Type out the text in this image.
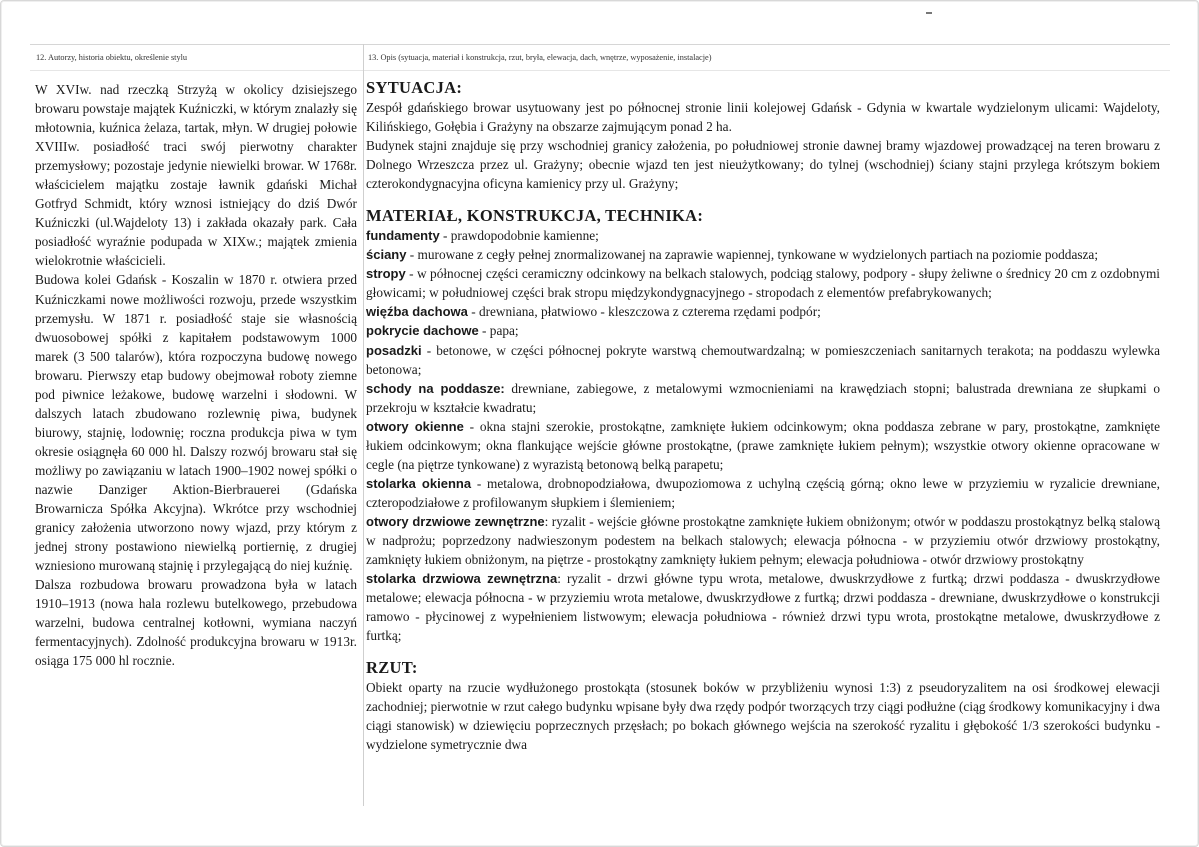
12. Autorzy, historia obiektu, określenie stylu	13. Opis (sytuacja, materiał i konstrukcja, rzut, bryła, elewacja, dach, wnętrze, wyposażenie, instalacje)

W XVIw. nad rzeczką Strzyżą w okolicy dzisiejszego browaru powstaje majątek Kuźniczki, w którym znalazły się młotownia, kuźnica żelaza, tartak, młyn. W drugiej połowie XVIIIw. posiadłość traci swój pierwotny charakter przemysłowy; pozostaje jedynie niewielki browar. W 1768r. właścicielem majątku zostaje ławnik gdański Michał Gotfryd Schmidt, który wznosi istniejący do dziś Dwór Kuźniczki (ul.Wajdeloty 13) i zakłada okazały park. Cała posiadłość wyraźnie podupada w XIXw.; majątek zmienia wielokrotnie właścicieli.

Budowa kolei Gdańsk - Koszalin w 1870 r. otwiera przed Kuźniczkami nowe możliwości rozwoju, przede wszystkim przemysłu. W 1871 r. posiadłość staje sie własnością dwuosobowej spółki z kapitałem podstawowym 1000 marek (3 500 talarów), która rozpoczyna budowę nowego browaru. Pierwszy etap budowy obejmował roboty ziemne pod piwnice leżakowe, budowę warzelni i słodowni. W dalszych latach zbudowano rozlewnię piwa, budynek biurowy, stajnię, lodownię; roczna produkcja piwa w tym okresie osiągnęła 60 000 hl. Dalszy rozwój browaru stał się możliwy po zawiązaniu w latach 1900–1902 nowej spółki o nazwie Danziger Aktion-Bierbrauerei (Gdańska Browarnicza Spółka Akcyjna). Wkrótce przy wschodniej granicy założenia utworzono nowy wjazd, przy którym z jednej strony postawiono niewielką portiernię, z drugiej wzniesiono murowaną stajnię i przylegającą do niej kuźnię.

Dalsza rozbudowa browaru prowadzona była w latach 1910–1913 (nowa hala rozlewu butelkowego, przebudowa warzelni, budowa centralnej kotłowni, wymiana naczyń fermentacyjnych). Zdolność produkcyjna browaru w 1913r. osiąga 175 000 hl rocznie.

SYTUACJA:

Zespół gdańskiego browar usytuowany jest po północnej stronie linii kolejowej Gdańsk - Gdynia w kwartale wydzielonym ulicami: Wajdeloty, Kilińskiego, Gołębia i Grażyny na obszarze zajmującym ponad 2 ha.

Budynek stajni znajduje się przy wschodniej granicy założenia, po południowej stronie dawnej bramy wjazdowej prowadzącej na teren browaru z Dolnego Wrzeszcza przez ul. Grażyny; obecnie wjazd ten jest nieużytkowany; do tylnej (wschodniej) ściany stajni przylega krótszym bokiem czterokondygnacyjna oficyna kamienicy przy ul. Grażyny;

MATERIAŁ, KONSTRUKCJA, TECHNIKA:

fundamenty - prawdopodobnie kamienne;

ściany - murowane z cegły pełnej znormalizowanej na zaprawie wapiennej, tynkowane w wydzielonych partiach na poziomie poddasza;

stropy - w północnej części ceramiczny odcinkowy na belkach stalowych, podciąg stalowy, podpory - słupy żeliwne o średnicy 20 cm z ozdobnymi głowicami; w południowej części brak stropu międzykondygnacyjnego - stropodach z elementów prefabrykowanych;

więźba dachowa - drewniana, płatwiowo - kleszczowa z czterema rzędami podpór;

pokrycie dachowe - papa;

posadzki - betonowe, w części północnej pokryte warstwą chemoutwardzalną; w pomieszczeniach sanitarnych terakota; na poddaszu wylewka betonowa;

schody na poddasze: drewniane, zabiegowe, z metalowymi wzmocnieniami na krawędziach stopni; balustrada drewniana ze słupkami o przekroju w kształcie kwadratu;

otwory okienne - okna stajni szerokie, prostokątne, zamknięte łukiem odcinkowym; okna poddasza zebrane w pary, prostokątne, zamknięte łukiem odcinkowym; okna flankujące wejście główne prostokątne, (prawe zamknięte łukiem pełnym); wszystkie otwory okienne opracowane w cegle (na piętrze tynkowane) z wyrazistą betonową belką parapetu;

stolarka okienna - metalowa, drobnopodziałowa, dwupoziomowa z uchylną częścią górną; okno lewe w przyziemiu w ryzalicie drewniane, czteropodziałowe z profilowanym słupkiem i ślemieniem;

otwory drzwiowe zewnętrzne: ryzalit - wejście główne prostokątne zamknięte łukiem obniżonym; otwór w poddaszu prostokątnyz belką stalową w nadprożu; poprzedzony nadwieszonym podestem na belkach stalowych; elewacja północna - w przyziemiu otwór drzwiowy prostokątny, zamknięty łukiem obniżonym, na piętrze - prostokątny zamknięty łukiem pełnym; elewacja południowa - otwór drzwiowy prostokątny

stolarka drzwiowa zewnętrzna: ryzalit - drzwi główne typu wrota, metalowe, dwuskrzydłowe z furtką; drzwi poddasza - dwuskrzydłowe metalowe; elewacja północna - w przyziemiu wrota metalowe, dwuskrzydłowe z furtką; drzwi poddasza - drewniane, dwuskrzydłowe o konstrukcji ramowo - płycinowej z wypełnieniem listwowym; elewacja południowa - również drzwi typu wrota, prostokątne metalowe, dwuskrzydłowe z furtką;

RZUT:

Obiekt oparty na rzucie wydłużonego prostokąta (stosunek boków w przybliżeniu wynosi 1:3) z pseudoryzalitem na osi środkowej elewacji zachodniej; pierwotnie w rzut całego budynku wpisane były dwa rzędy podpór tworzących trzy ciągi podłużne (ciąg środkowy komunikacyjny i dwa ciągi stanowisk) w dziewięciu poprzecznych przęsłach; po bokach głównego wejścia na szerokość ryzalitu i głębokość 1/3 szerokości budynku - wydzielone symetrycznie dwa
